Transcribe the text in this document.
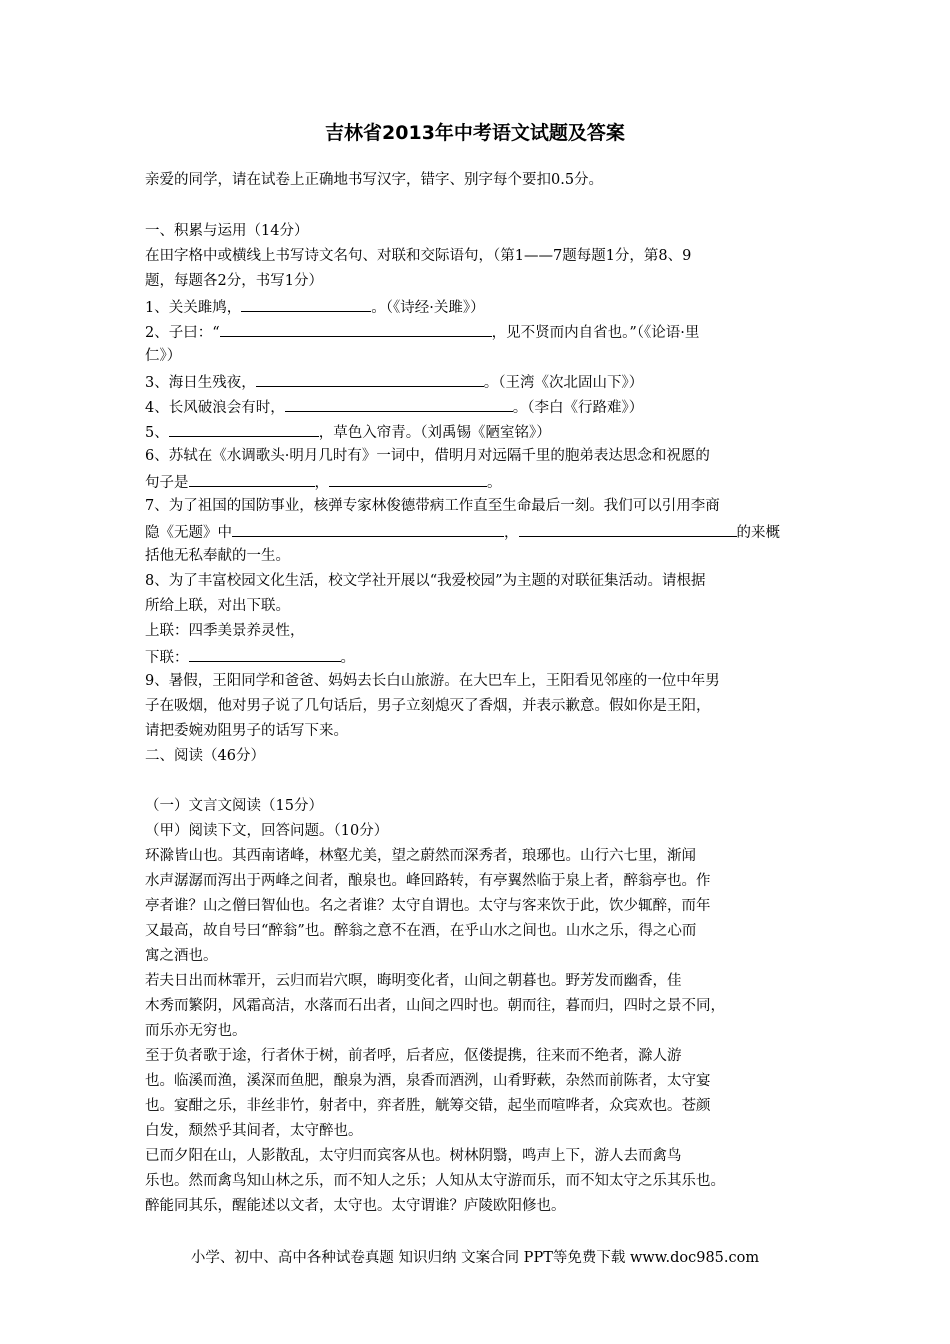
吉林省2013年中考语文试题及答案
亲爱的同学，请在试卷上正确地书写汉字，错字、别字每个要扣0.5分。
一、积累与运用（14分）
在田字格中或横线上书写诗文名句、对联和交际语句，（第1——7题每题1分，第8、9
题，每题各2分，书写1分）
1、关关雎鸠，	。（《诗经·关雎》）
2、子曰：“	，见不贤而内自省也。”（《论语·里
仁》）
3、海日生残夜，	。（王湾《次北固山下》）
4、长风破浪会有时，	。（李白《行路难》）
5、	，草色入帘青。（刘禹锡《陋室铭》）
6、苏轼在《水调歌头·明月几时有》一词中，借明月对远隔千里的胞弟表达思念和祝愿的
句子是	，	。
7、为了祖国的国防事业，核弹专家林俊德带病工作直至生命最后一刻。我们可以引用李商
隐《无题》中	，	的来概
括他无私奉献的一生。
8、为了丰富校园文化生活，校文学社开展以“我爱校园”为主题的对联征集活动。请根据
所给上联，对出下联。
上联：四季美景养灵性，
下联：	。
9、暑假，王阳同学和爸爸、妈妈去长白山旅游。在大巴车上，王阳看见邻座的一位中年男
子在吸烟，他对男子说了几句话后，男子立刻熄灭了香烟，并表示歉意。假如你是王阳，
请把委婉劝阻男子的话写下来。
二、阅读（46分）
（一）文言文阅读（15分）
（甲）阅读下文，回答问题。（10分）
环滁皆山也。其西南诸峰，林壑尤美，望之蔚然而深秀者，琅琊也。山行六七里，渐闻
水声潺潺而泻出于两峰之间者，酿泉也。峰回路转，有亭翼然临于泉上者，醉翁亭也。作
亭者谁？山之僧曰智仙也。名之者谁？太守自谓也。太守与客来饮于此，饮少辄醉，而年
又最高，故自号曰“醉翁”也。醉翁之意不在酒，在乎山水之间也。山水之乐，得之心而
寓之酒也。
若夫日出而林霏开，云归而岩穴暝，晦明变化者，山间之朝暮也。野芳发而幽香，佳
木秀而繁阴，风霜高洁，水落而石出者，山间之四时也。朝而往，暮而归，四时之景不同，
而乐亦无穷也。
至于负者歌于途，行者休于树，前者呼，后者应，伛偻提携，往来而不绝者，滁人游
也。临溪而渔，溪深而鱼肥，酿泉为酒，泉香而酒洌，山肴野蔌，杂然而前陈者，太守宴
也。宴酣之乐，非丝非竹，射者中，弈者胜，觥筹交错，起坐而喧哗者，众宾欢也。苍颜
白发，颓然乎其间者，太守醉也。
已而夕阳在山，人影散乱，太守归而宾客从也。树林阴翳，鸣声上下，游人去而禽鸟
乐也。然而禽鸟知山林之乐，而不知人之乐；人知从太守游而乐，而不知太守之乐其乐也。
醉能同其乐，醒能述以文者，太守也。太守谓谁？庐陵欧阳修也。
小学、初中、高中各种试卷真题 知识归纳 文案合同 PPT等免费下载 www.doc985.com
